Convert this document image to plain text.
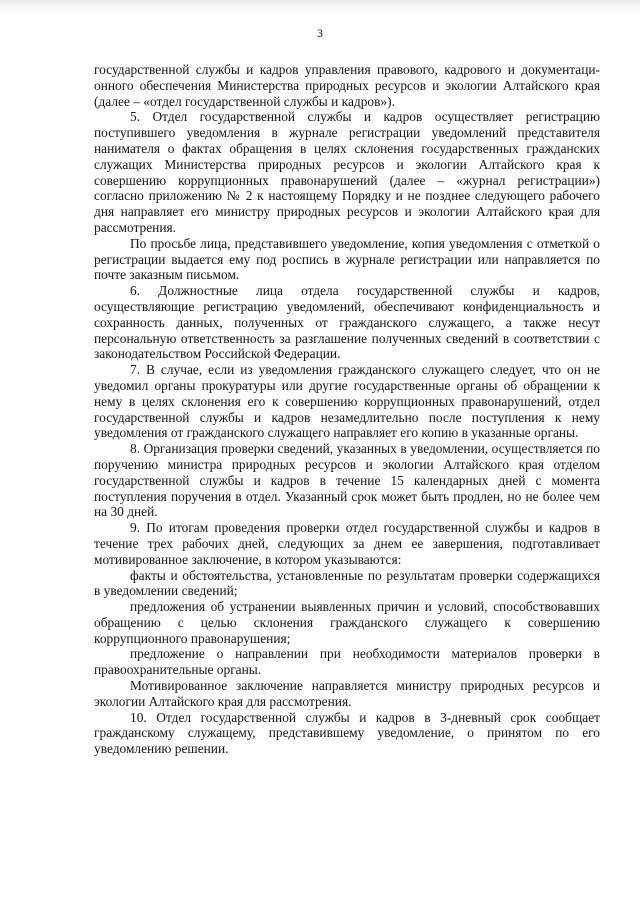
3

государственной службы и кадров управления правового, кадрового и документационного обеспечения Министерства природных ресурсов и экологии Алтайского края (далее – «отдел государственной службы и кадров»).

5. Отдел государственной службы и кадров осуществляет регистрацию поступившего уведомления в журнале регистрации уведомлений представителя нанимателя о фактах обращения в целях склонения государственных гражданских служащих Министерства природных ресурсов и экологии Алтайского края к совершению коррупционных правонарушений (далее – «журнал регистрации») согласно приложению № 2 к настоящему Порядку и не позднее следующего рабочего дня направляет его министру природных ресурсов и экологии Алтайского края для рассмотрения.

По просьбе лица, представившего уведомление, копия уведомления с отметкой о регистрации выдается ему под роспись в журнале регистрации или направляется по почте заказным письмом.

6. Должностные лица отдела государственной службы и кадров, осуществляющие регистрацию уведомлений, обеспечивают конфиденциальность и сохранность данных, полученных от гражданского служащего, а также несут персональную ответственность за разглашение полученных сведений в соответствии с законодательством Российской Федерации.

7. В случае, если из уведомления гражданского служащего следует, что он не уведомил органы прокуратуры или другие государственные органы об обращении к нему в целях склонения его к совершению коррупционных правонарушений, отдел государственной службы и кадров незамедлительно после поступления к нему уведомления от гражданского служащего направляет его копию в указанные органы.

8. Организация проверки сведений, указанных в уведомлении, осуществляется по поручению министра природных ресурсов и экологии Алтайского края отделом государственной службы и кадров в течение 15 календарных дней с момента поступления поручения в отдел. Указанный срок может быть продлен, но не более чем на 30 дней.

9. По итогам проведения проверки отдел государственной службы и кадров в течение трех рабочих дней, следующих за днем ее завершения, подготавливает мотивированное заключение, в котором указываются:

факты и обстоятельства, установленные по результатам проверки содержащихся в уведомлении сведений;

предложения об устранении выявленных причин и условий, способствовавших обращению с целью склонения гражданского служащего к совершению коррупционного правонарушения;

предложение о направлении при необходимости материалов проверки в правоохранительные органы.

Мотивированное заключение направляется министру природных ресурсов и экологии Алтайского края для рассмотрения.

10. Отдел государственной службы и кадров в 3-дневный срок сообщает гражданскому служащему, представившему уведомление, о принятом по его уведомлению решении.
